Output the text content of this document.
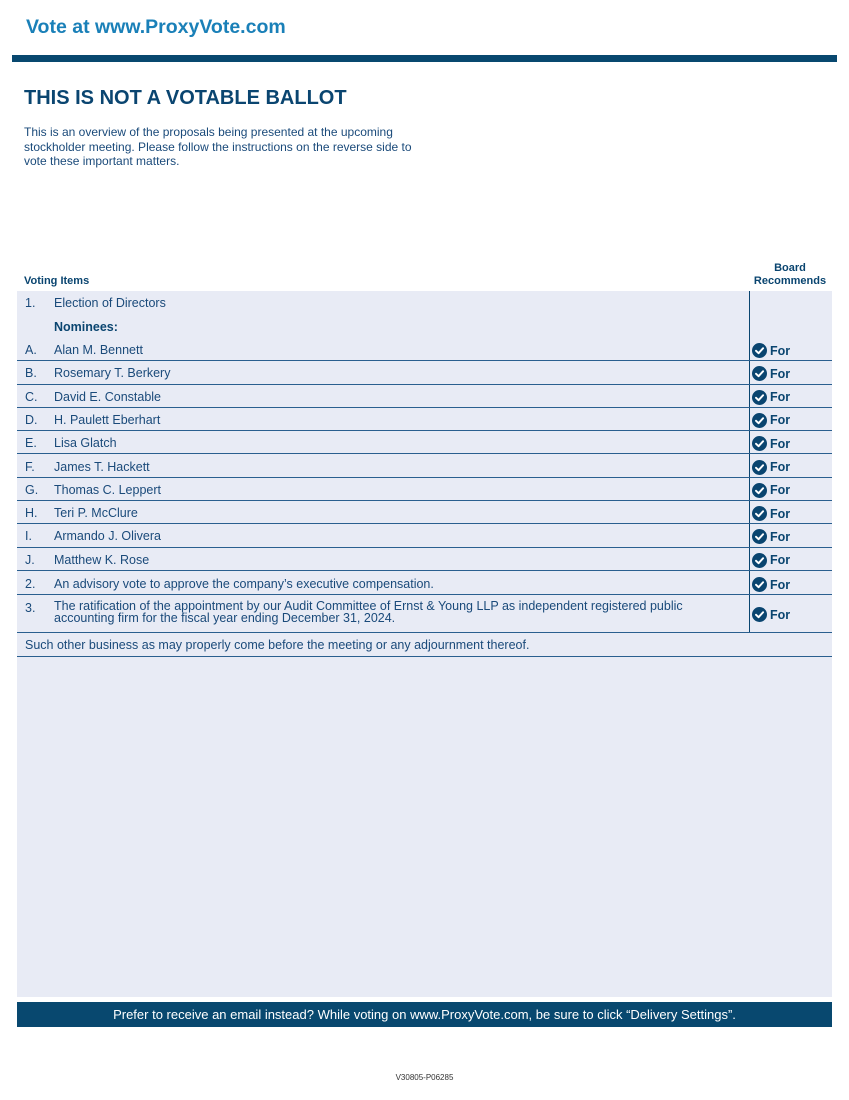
Vote at www.ProxyVote.com
THIS IS NOT A VOTABLE BALLOT
This is an overview of the proposals being presented at the upcoming stockholder meeting. Please follow the instructions on the reverse side to vote these important matters.
Voting Items
Board
Recommends
1. Election of Directors
Nominees:
A. Alan M. Bennett	For
B. Rosemary T. Berkery	For
C. David E. Constable	For
D. H. Paulett Eberhart	For
E. Lisa Glatch	For
F. James T. Hackett	For
G. Thomas C. Leppert	For
H. Teri P. McClure	For
I. Armando J. Olivera	For
J. Matthew K. Rose	For
2. An advisory vote to approve the company’s executive compensation.	For
3. The ratification of the appointment by our Audit Committee of Ernst & Young LLP as independent registered public
accounting firm for the fiscal year ending December 31, 2024.	For
Such other business as may properly come before the meeting or any adjournment thereof.
Prefer to receive an email instead? While voting on www.ProxyVote.com, be sure to click “Delivery Settings”.
V30805-P06285
